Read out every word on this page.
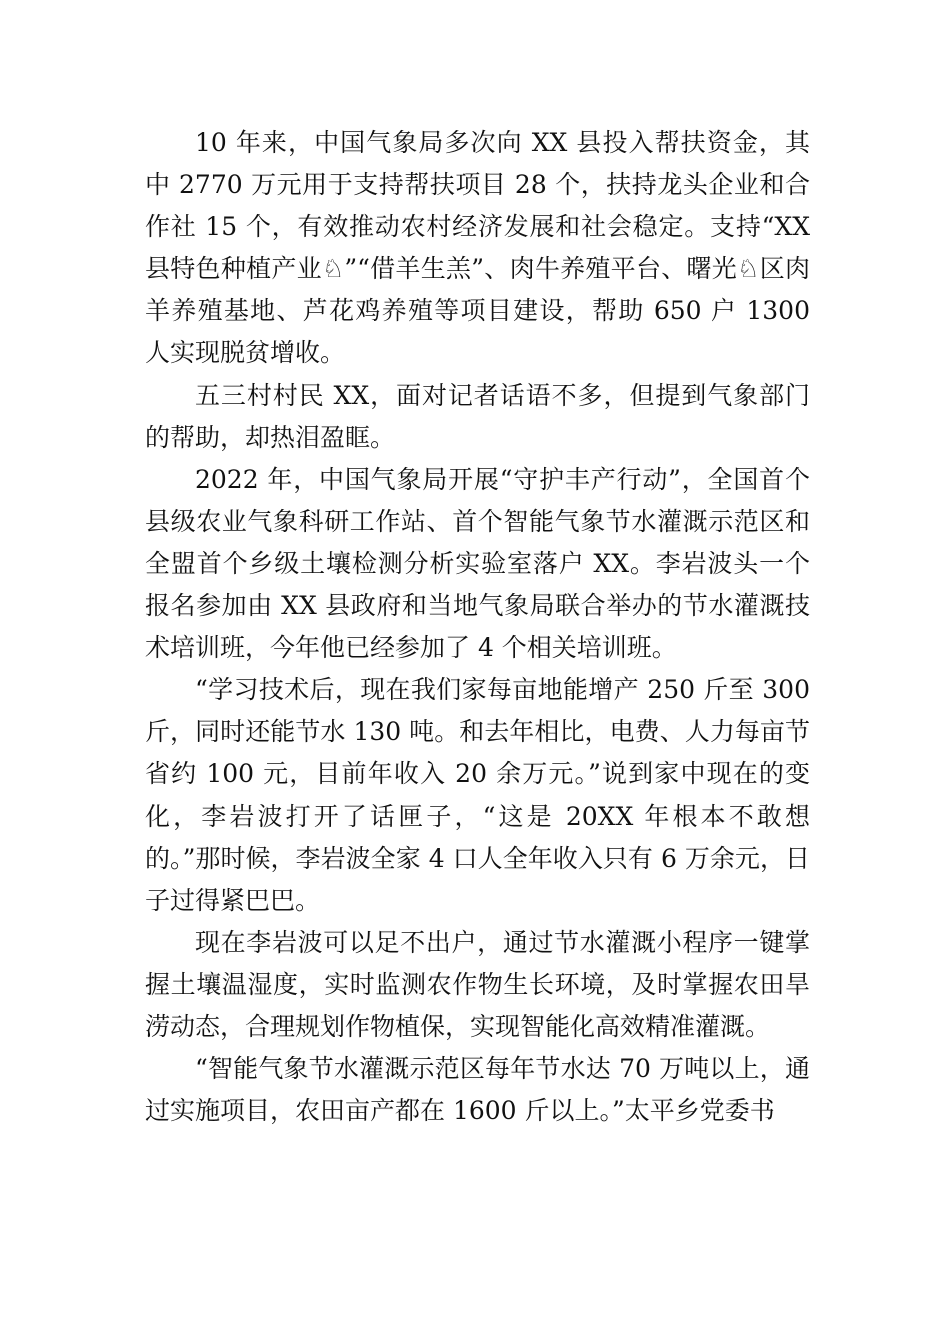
10 年来，中国气象局多次向 XX 县投入帮扶资金，其中 2770 万元用于支持帮扶项目 28 个，扶持龙头企业和合作社 15 个，有效推动农村经济发展和社会稳定。支持“XX 县特色种植产业♘”“借羊生羔”、肉牛养殖平台、曙光♘区肉羊养殖基地、芦花鸡养殖等项目建设，帮助 650 户 1300 人实现脱贫增收。

五三村村民 XX，面对记者话语不多，但提到气象部门的帮助，却热泪盈眶。

2022 年，中国气象局开展“守护丰产行动”，全国首个县级农业气象科研工作站、首个智能气象节水灌溉示范区和全盟首个乡级土壤检测分析实验室落户 XX。李岩波头一个报名参加由 XX 县政府和当地气象局联合举办的节水灌溉技术培训班，今年他已经参加了 4 个相关培训班。

“学习技术后，现在我们家每亩地能增产 250 斤至 300 斤，同时还能节水 130 吨。和去年相比，电费、人力每亩节省约 100 元，目前年收入 20 余万元。”说到家中现在的变化，李岩波打开了话匣子，“这是 20XX 年根本不敢想的。”那时候，李岩波全家 4 口人全年收入只有 6 万余元，日子过得紧巴巴。

现在李岩波可以足不出户，通过节水灌溉小程序一键掌握土壤温湿度，实时监测农作物生长环境，及时掌握农田旱涝动态，合理规划作物植保，实现智能化高效精准灌溉。

“智能气象节水灌溉示范区每年节水达 70 万吨以上，通过实施项目，农田亩产都在 1600 斤以上。”太平乡党委书
